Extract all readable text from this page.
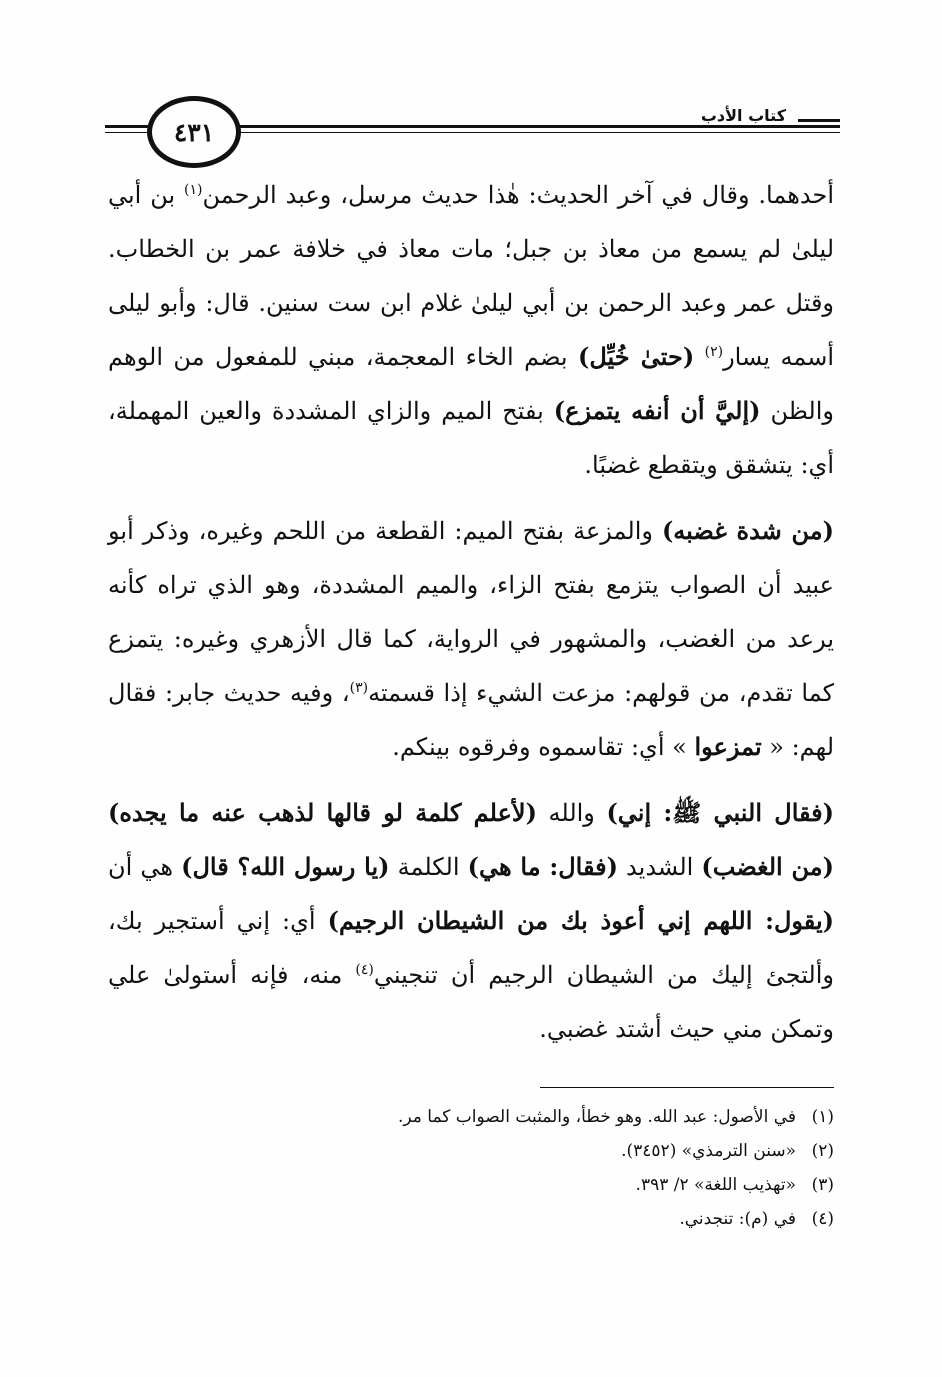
٤٣١
كتاب الأدب

أحدهما. وقال في آخر الحديث: هٰذا حديث مرسل، وعبد الرحمن$^{(١)}$ بن أبي ليلىٰ لم يسمع من معاذ بن جبل؛ مات معاذ في خلافة عمر بن الخطاب. وقتل عمر وعبد الرحمن بن أبي ليلىٰ غلام ابن ست سنين. قال: وأبو ليلى أسمه يسار$^{(٢)}$ (حتىٰ خُيِّل) بضم الخاء المعجمة، مبني للمفعول من الوهم والظن (إليَّ أن أنفه يتمزع) بفتح الميم والزاي المشددة والعين المهملة، أي: يتشقق ويتقطع غضبًا.

(من شدة غضبه) والمزعة بفتح الميم: القطعة من اللحم وغيره، وذكر أبو عبيد أن الصواب يتزمع بفتح الزاء، والميم المشددة، وهو الذي تراه كأنه يرعد من الغضب، والمشهور في الرواية، كما قال الأزهري وغيره: يتمزع كما تقدم، من قولهم: مزعت الشيء إذا قسمته$^{(٣)}$، وفيه حديث جابر: فقال لهم: « تمزعوا » أي: تقاسموه وفرقوه بينكم.

(فقال النبي ﷺ: إني) والله (لأعلم كلمة لو قالها لذهب عنه ما يجده) (من الغضب) الشديد (فقال: ما هي) الكلمة (يا رسول الله؟ قال) هي أن (يقول: اللهم إني أعوذ بك من الشيطان الرجيم) أي: إني أستجير بك، وألتجئ إليك من الشيطان الرجيم أن تنجيني$^{(٤)}$ منه، فإنه أستولىٰ علي وتمكن مني حيث أشتد غضبي.

(١)
في الأصول: عبد الله. وهو خطأ، والمثبت الصواب كما مر.
(٢)
«سنن الترمذي» (٣٤٥٢).
(٣)
«تهذيب اللغة» ٢/ ٣٩٣.
(٤)
في (م): تنجدني.
